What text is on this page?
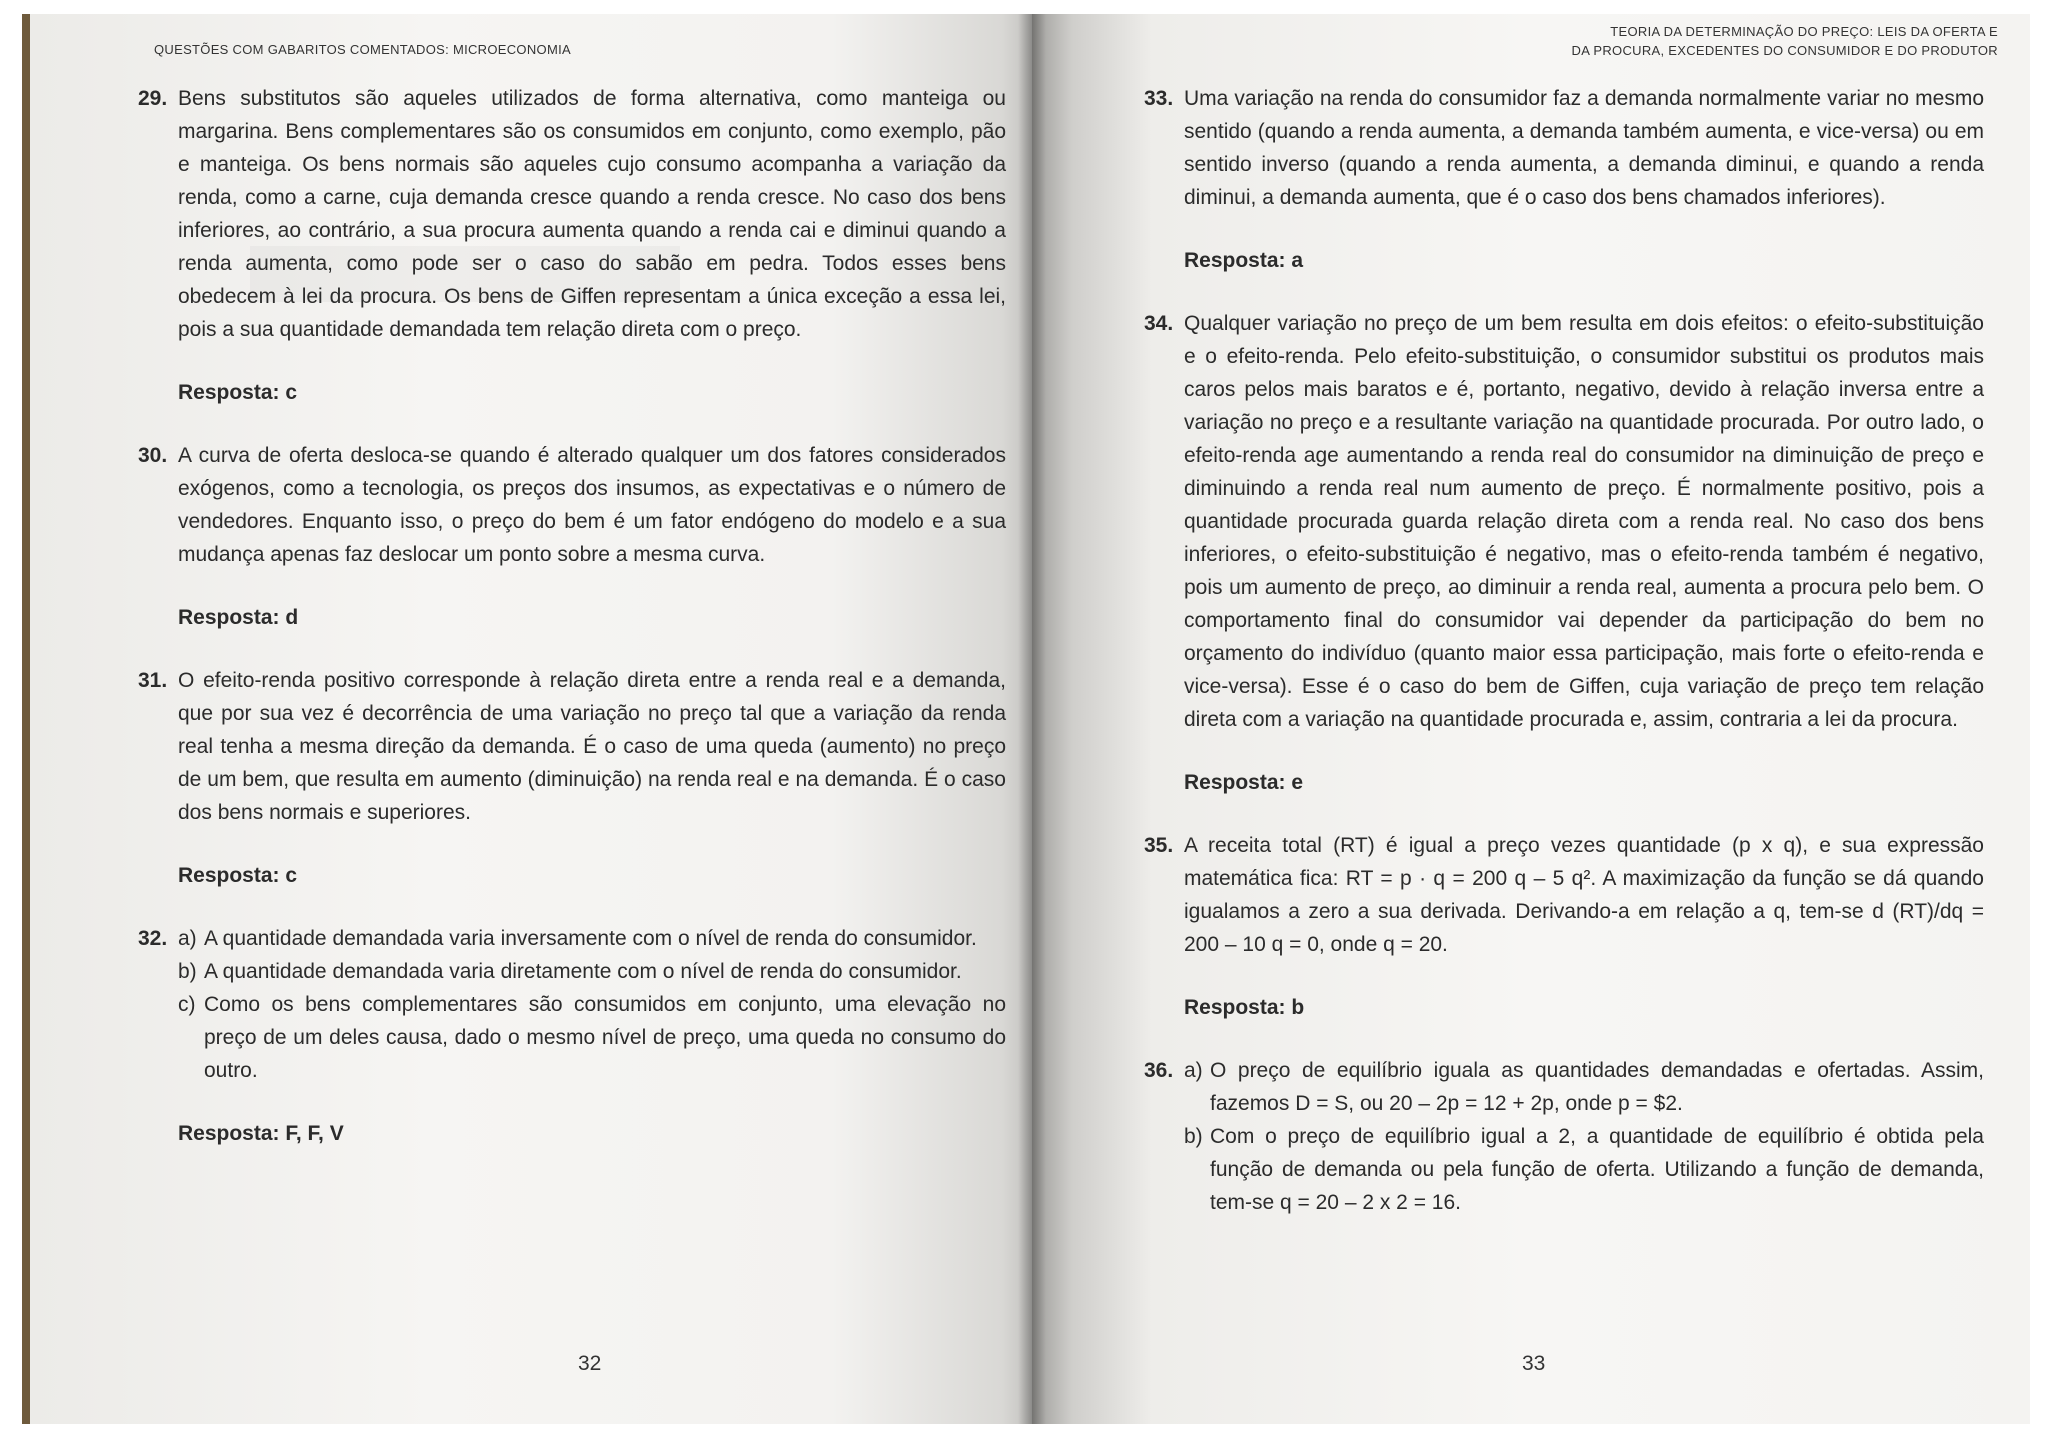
QUESTÕES COM GABARITOS COMENTADOS: MICROECONOMIA
29. Bens substitutos são aqueles utilizados de forma alternativa, como manteiga ou margarina. Bens complementares são os consumidos em conjunto, como exemplo, pão e manteiga. Os bens normais são aqueles cujo consumo acompanha a variação da renda, como a carne, cuja demanda cresce quando a renda cresce. No caso dos bens inferiores, ao contrário, a sua procura aumenta quando a renda cai e diminui quando a renda aumenta, como pode ser o caso do sabão em pedra. Todos esses bens obedecem à lei da procura. Os bens de Giffen representam a única exceção a essa lei, pois a sua quantidade demandada tem relação direta com o preço.

Resposta: c
30. A curva de oferta desloca-se quando é alterado qualquer um dos fatores considerados exógenos, como a tecnologia, os preços dos insumos, as expectativas e o número de vendedores. Enquanto isso, o preço do bem é um fator endógeno do modelo e a sua mudança apenas faz deslocar um ponto sobre a mesma curva.

Resposta: d
31. O efeito-renda positivo corresponde à relação direta entre a renda real e a demanda, que por sua vez é decorrência de uma variação no preço tal que a variação da renda real tenha a mesma direção da demanda. É o caso de uma queda (aumento) no preço de um bem, que resulta em aumento (diminuição) na renda real e na demanda. É o caso dos bens normais e superiores.

Resposta: c
32. a) A quantidade demandada varia inversamente com o nível de renda do consumidor.

b) A quantidade demandada varia diretamente com o nível de renda do consumidor.

c) Como os bens complementares são consumidos em conjunto, uma elevação no preço de um deles causa, dado o mesmo nível de preço, uma queda no consumo do outro.

Resposta: F, F, V
32
TEORIA DA DETERMINAÇÃO DO PREÇO: LEIS DA OFERTA E
DA PROCURA, EXCEDENTES DO CONSUMIDOR E DO PRODUTOR
33. Uma variação na renda do consumidor faz a demanda normalmente variar no mesmo sentido (quando a renda aumenta, a demanda também aumenta, e vice-versa) ou em sentido inverso (quando a renda aumenta, a demanda diminui, e quando a renda diminui, a demanda aumenta, que é o caso dos bens chamados inferiores).

Resposta: a
34. Qualquer variação no preço de um bem resulta em dois efeitos: o efeito-substituição e o efeito-renda. Pelo efeito-substituição, o consumidor substitui os produtos mais caros pelos mais baratos e é, portanto, negativo, devido à relação inversa entre a variação no preço e a resultante variação na quantidade procurada. Por outro lado, o efeito-renda age aumentando a renda real do consumidor na diminuição de preço e diminuindo a renda real num aumento de preço. É normalmente positivo, pois a quantidade procurada guarda relação direta com a renda real. No caso dos bens inferiores, o efeito-substituição é negativo, mas o efeito-renda também é negativo, pois um aumento de preço, ao diminuir a renda real, aumenta a procura pelo bem. O comportamento final do consumidor vai depender da participação do bem no orçamento do indivíduo (quanto maior essa participação, mais forte o efeito-renda e vice-versa). Esse é o caso do bem de Giffen, cuja variação de preço tem relação direta com a variação na quantidade procurada e, assim, contraria a lei da procura.

Resposta: e
35. A receita total (RT) é igual a preço vezes quantidade (p x q), e sua expressão matemática fica: RT = p · q = 200 q – 5 q². A maximização da função se dá quando igualamos a zero a sua derivada. Derivando-a em relação a q, tem-se d (RT)/dq = 200 – 10 q = 0, onde q = 20.

Resposta: b
36. a) O preço de equilíbrio iguala as quantidades demandadas e ofertadas. Assim, fazemos D = S, ou 20 – 2p = 12 + 2p, onde p = $2.

b) Com o preço de equilíbrio igual a 2, a quantidade de equilíbrio é obtida pela função de demanda ou pela função de oferta. Utilizando a função de demanda, tem-se q = 20 – 2 x 2 = 16.

33
